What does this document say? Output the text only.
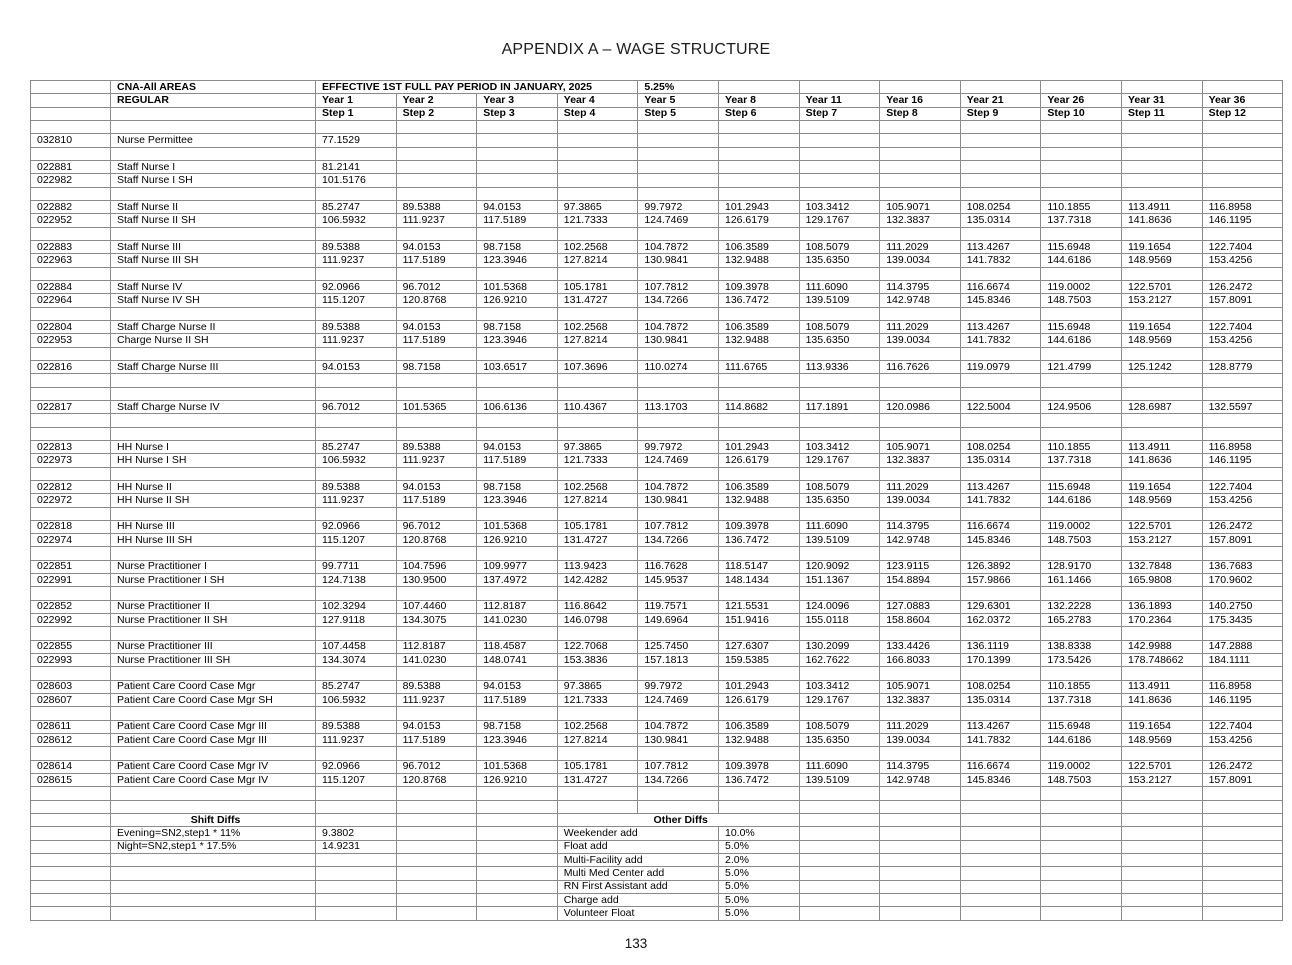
APPENDIX A – WAGE STRUCTURE
	CNA-All AREAS	EFFECTIVE 1ST FULL PAY PERIOD IN JANUARY, 2025				5.25%							
	REGULAR	Year 1	Year 2	Year 3	Year 4	Year 5	Year 8	Year 11	Year 16	Year 21	Year 26	Year 31	Year 36
		Step 1	Step 2	Step 3	Step 4	Step 5	Step 6	Step 7	Step 8	Step 9	Step 10	Step 11	Step 12

032810	Nurse Permittee	77.1529											

022881	Staff Nurse I	81.2141											
022982	Staff Nurse I SH	101.5176											

022882	Staff Nurse II	85.2747	89.5388	94.0153	97.3865	99.7972	101.2943	103.3412	105.9071	108.0254	110.1855	113.4911	116.8958
022952	Staff Nurse II SH	106.5932	111.9237	117.5189	121.7333	124.7469	126.6179	129.1767	132.3837	135.0314	137.7318	141.8636	146.1195

022883	Staff Nurse III	89.5388	94.0153	98.7158	102.2568	104.7872	106.3589	108.5079	111.2029	113.4267	115.6948	119.1654	122.7404
022963	Staff Nurse III SH	111.9237	117.5189	123.3946	127.8214	130.9841	132.9488	135.6350	139.0034	141.7832	144.6186	148.9569	153.4256

022884	Staff Nurse IV	92.0966	96.7012	101.5368	105.1781	107.7812	109.3978	111.6090	114.3795	116.6674	119.0002	122.5701	126.2472
022964	Staff Nurse IV SH	115.1207	120.8768	126.9210	131.4727	134.7266	136.7472	139.5109	142.9748	145.8346	148.7503	153.2127	157.8091

022804	Staff Charge Nurse II	89.5388	94.0153	98.7158	102.2568	104.7872	106.3589	108.5079	111.2029	113.4267	115.6948	119.1654	122.7404
022953	Charge Nurse II SH	111.9237	117.5189	123.3946	127.8214	130.9841	132.9488	135.6350	139.0034	141.7832	144.6186	148.9569	153.4256

022816	Staff Charge Nurse III	94.0153	98.7158	103.6517	107.3696	110.0274	111.6765	113.9336	116.7626	119.0979	121.4799	125.1242	128.8779

022817	Staff Charge Nurse IV	96.7012	101.5365	106.6136	110.4367	113.1703	114.8682	117.1891	120.0986	122.5004	124.9506	128.6987	132.5597

022813	HH Nurse I	85.2747	89.5388	94.0153	97.3865	99.7972	101.2943	103.3412	105.9071	108.0254	110.1855	113.4911	116.8958
022973	HH Nurse I SH	106.5932	111.9237	117.5189	121.7333	124.7469	126.6179	129.1767	132.3837	135.0314	137.7318	141.8636	146.1195

022812	HH Nurse II	89.5388	94.0153	98.7158	102.2568	104.7872	106.3589	108.5079	111.2029	113.4267	115.6948	119.1654	122.7404
022972	HH Nurse II SH	111.9237	117.5189	123.3946	127.8214	130.9841	132.9488	135.6350	139.0034	141.7832	144.6186	148.9569	153.4256

022818	HH Nurse III	92.0966	96.7012	101.5368	105.1781	107.7812	109.3978	111.6090	114.3795	116.6674	119.0002	122.5701	126.2472
022974	HH Nurse III SH	115.1207	120.8768	126.9210	131.4727	134.7266	136.7472	139.5109	142.9748	145.8346	148.7503	153.2127	157.8091

022851	Nurse Practitioner I	99.7711	104.7596	109.9977	113.9423	116.7628	118.5147	120.9092	123.9115	126.3892	128.9170	132.7848	136.7683
022991	Nurse Practitioner I SH	124.7138	130.9500	137.4972	142.4282	145.9537	148.1434	151.1367	154.8894	157.9866	161.1466	165.9808	170.9602

022852	Nurse Practitioner II	102.3294	107.4460	112.8187	116.8642	119.7571	121.5531	124.0096	127.0883	129.6301	132.2228	136.1893	140.2750
022992	Nurse Practitioner II SH	127.9118	134.3075	141.0230	146.0798	149.6964	151.9416	155.0118	158.8604	162.0372	165.2783	170.2364	175.3435

022855	Nurse Practitioner III	107.4458	112.8187	118.4587	122.7068	125.7450	127.6307	130.2099	133.4426	136.1119	138.8338	142.9988	147.2888
022993	Nurse Practitioner III SH	134.3074	141.0230	148.0741	153.3836	157.1813	159.5385	162.7622	166.8033	170.1399	173.5426	178.748662	184.1111

028603	Patient Care Coord Case Mgr	85.2747	89.5388	94.0153	97.3865	99.7972	101.2943	103.3412	105.9071	108.0254	110.1855	113.4911	116.8958
028607	Patient Care Coord Case Mgr SH	106.5932	111.9237	117.5189	121.7333	124.7469	126.6179	129.1767	132.3837	135.0314	137.7318	141.8636	146.1195

028611	Patient Care Coord Case Mgr III	89.5388	94.0153	98.7158	102.2568	104.7872	106.3589	108.5079	111.2029	113.4267	115.6948	119.1654	122.7404
028612	Patient Care Coord Case Mgr III	111.9237	117.5189	123.3946	127.8214	130.9841	132.9488	135.6350	139.0034	141.7832	144.6186	148.9569	153.4256

028614	Patient Care Coord Case Mgr IV	92.0966	96.7012	101.5368	105.1781	107.7812	109.3978	111.6090	114.3795	116.6674	119.0002	122.5701	126.2472
028615	Patient Care Coord Case Mgr IV	115.1207	120.8768	126.9210	131.4727	134.7266	136.7472	139.5109	142.9748	145.8346	148.7503	153.2127	157.8091

	Shift Diffs				Other Diffs								
	Evening=SN2,step1 * 11%	9.3802			Weekender add		10.0%						
	Night=SN2,step1 * 17.5%	14.9231			Float add		5.0%						
					Multi-Facility add		2.0%						
					Multi Med Center add		5.0%						
					RN First Assistant add		5.0%						
					Charge add		5.0%						
					Volunteer Float		5.0%						
133
